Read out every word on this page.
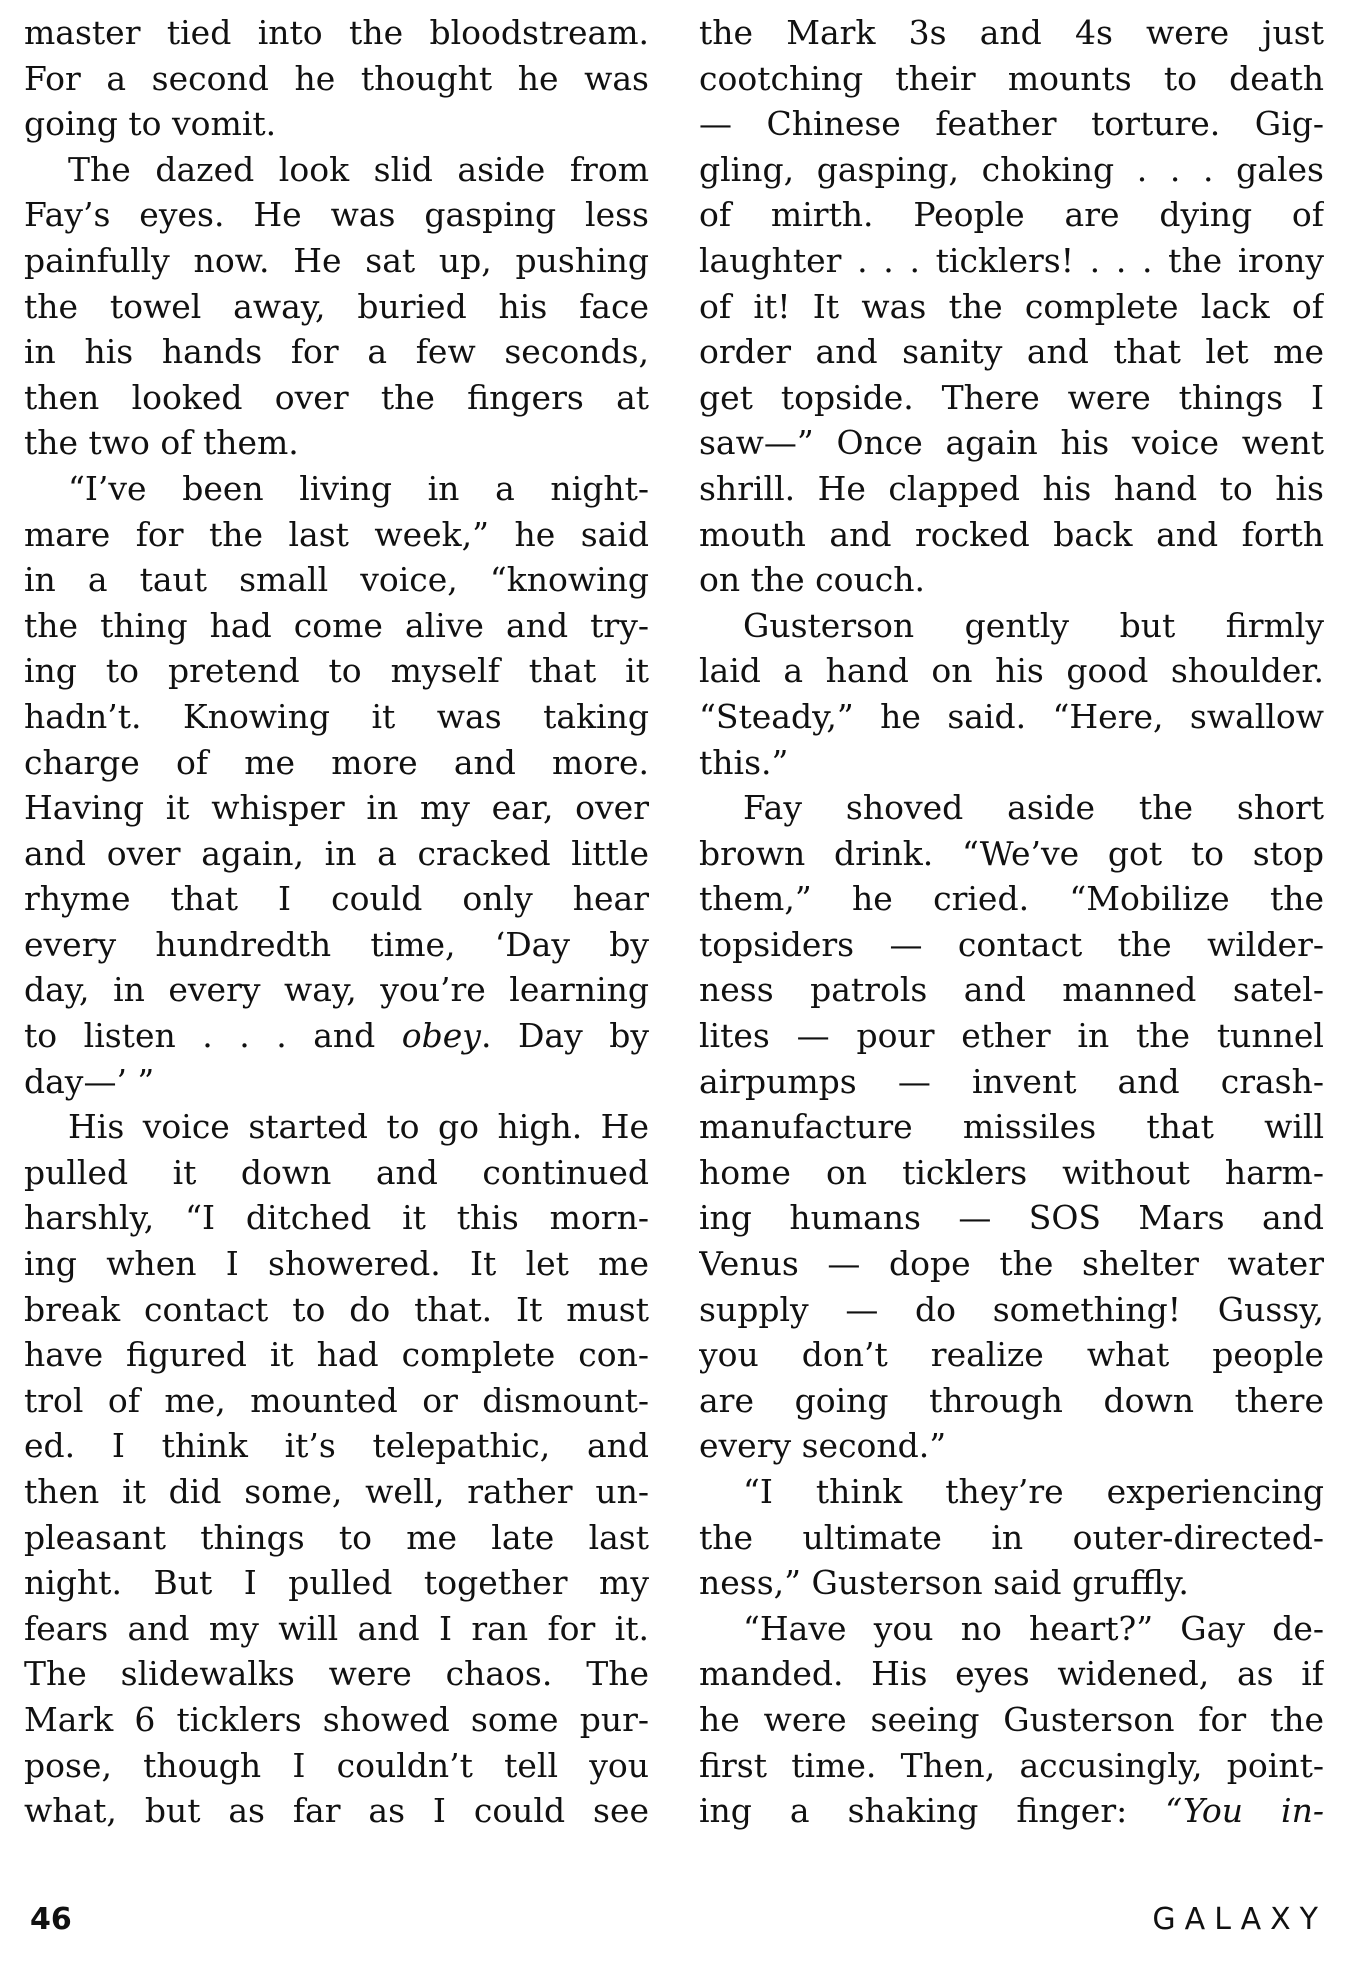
master tied into the bloodstream.
For a second he thought he was
going to vomit.
The dazed look slid aside from
Fay’s eyes. He was gasping less
painfully now. He sat up, pushing
the towel away, buried his face
in his hands for a few seconds,
then looked over the fingers at
the two of them.
“I’ve been living in a night-
mare for the last week,” he said
in a taut small voice, “knowing
the thing had come alive and try-
ing to pretend to myself that it
hadn’t. Knowing it was taking
charge of me more and more.
Having it whisper in my ear, over
and over again, in a cracked little
rhyme that I could only hear
every hundredth time, ‘Day by
day, in every way, you’re learning
to listen . . . and obey. Day by
day—’ ”
His voice started to go high. He
pulled it down and continued
harshly, “I ditched it this morn-
ing when I showered. It let me
break contact to do that. It must
have figured it had complete con-
trol of me, mounted or dismount-
ed. I think it’s telepathic, and
then it did some, well, rather un-
pleasant things to me late last
night. But I pulled together my
fears and my will and I ran for it.
The slidewalks were chaos. The
Mark 6 ticklers showed some pur-
pose, though I couldn’t tell you
what, but as far as I could see
the Mark 3s and 4s were just
cootching their mounts to death
— Chinese feather torture. Gig-
gling, gasping, choking . . . gales
of mirth. People are dying of
laughter . . . ticklers! . . . the irony
of it! It was the complete lack of
order and sanity and that let me
get topside. There were things I
saw—” Once again his voice went
shrill. He clapped his hand to his
mouth and rocked back and forth
on the couch.
Gusterson gently but firmly
laid a hand on his good shoulder.
“Steady,” he said. “Here, swallow
this.”
Fay shoved aside the short
brown drink. “We’ve got to stop
them,” he cried. “Mobilize the
topsiders — contact the wilder-
ness patrols and manned satel-
lites — pour ether in the tunnel
airpumps — invent and crash-
manufacture missiles that will
home on ticklers without harm-
ing humans — SOS Mars and
Venus — dope the shelter water
supply — do something! Gussy,
you don’t realize what people
are going through down there
every second.”
“I think they’re experiencing
the ultimate in outer-directed-
ness,” Gusterson said gruffly.
“Have you no heart?” Gay de-
manded. His eyes widened, as if
he were seeing Gusterson for the
first time. Then, accusingly, point-
ing a shaking finger: “You in-
46	GALAXY
